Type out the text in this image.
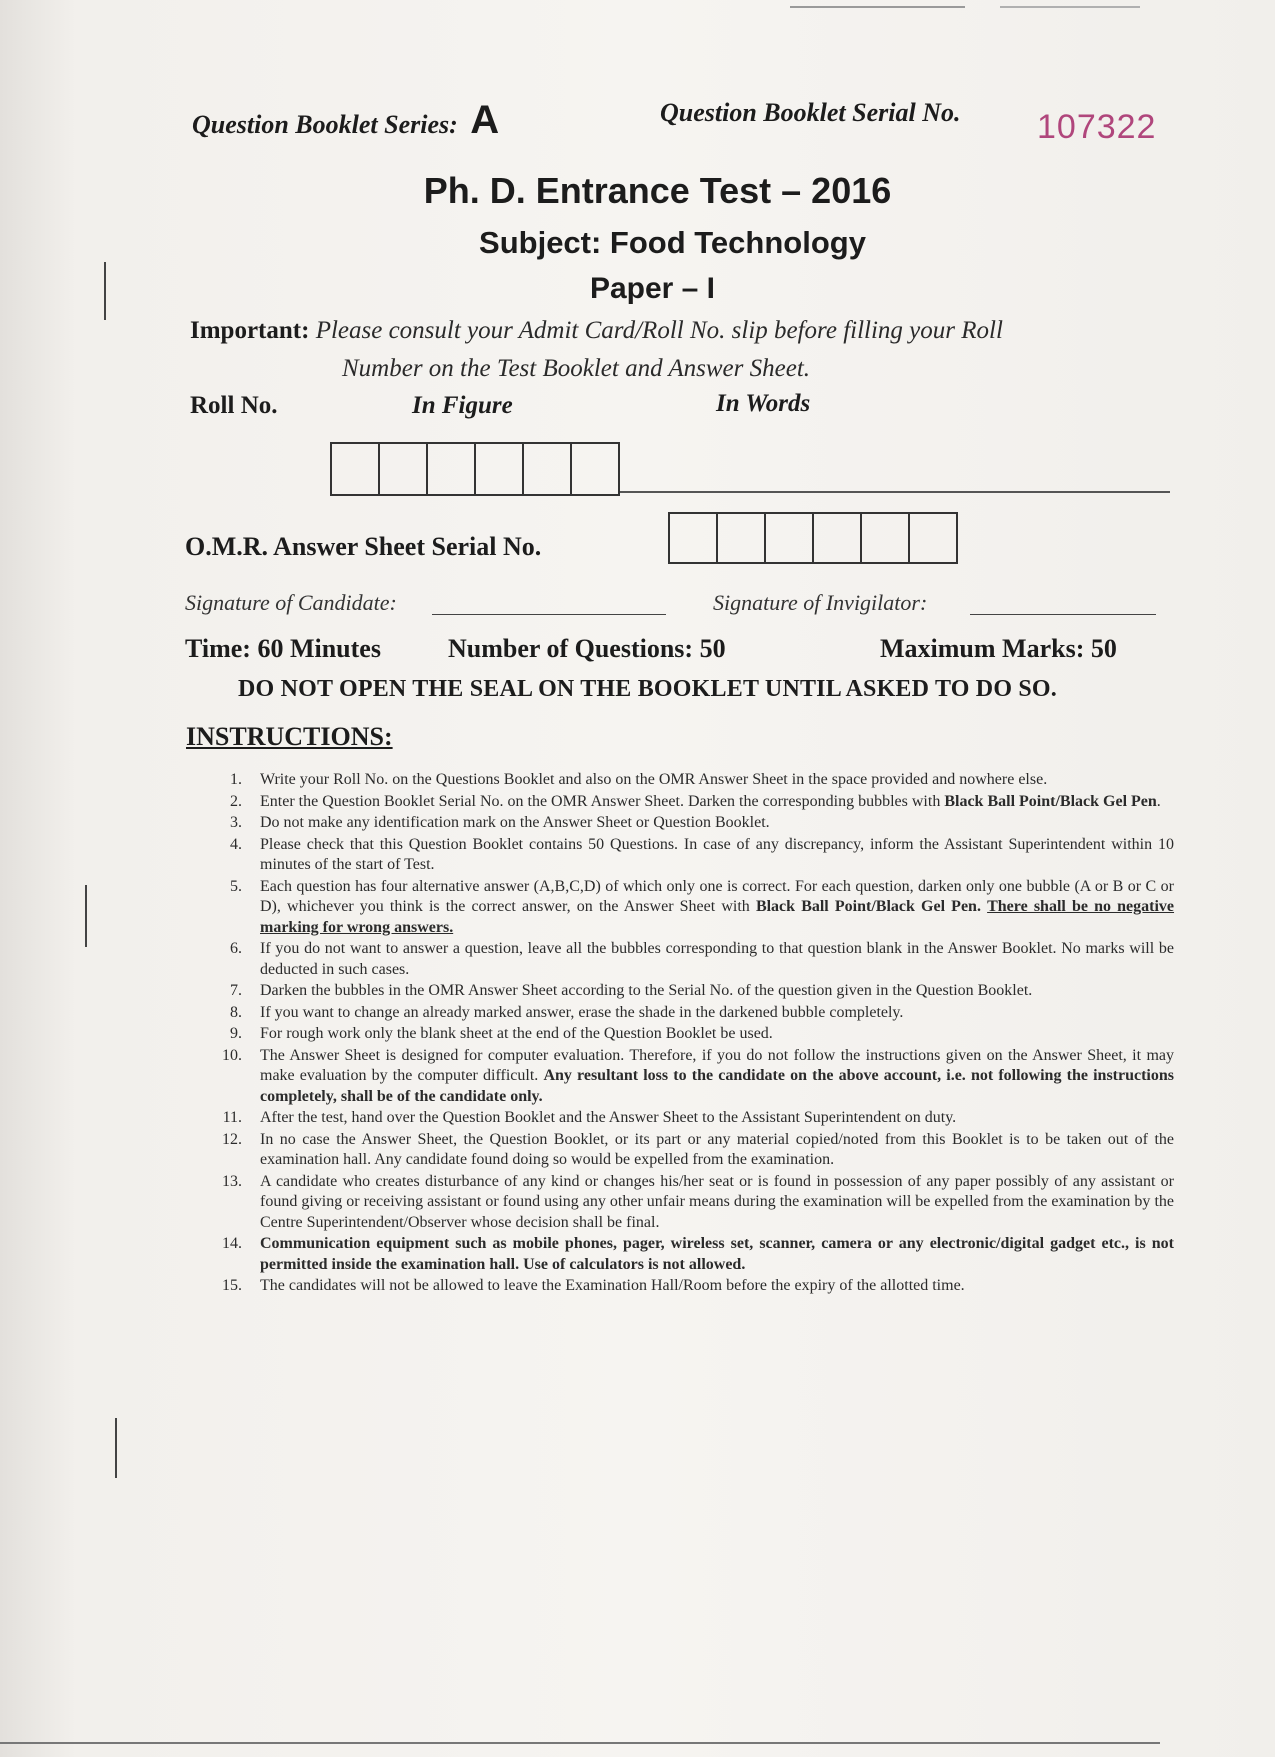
Question Booklet Series: A	Question Booklet Serial No. 107322
Ph. D. Entrance Test – 2016
Subject: Food Technology
Paper – I
Important: Please consult your Admit Card/Roll No. slip before filling your Roll
Number on the Test Booklet and Answer Sheet.
Roll No.	In Figure	In Words
O.M.R. Answer Sheet Serial No.
Signature of Candidate:	Signature of Invigilator:
Time: 60 Minutes	Number of Questions: 50	Maximum Marks: 50
DO NOT OPEN THE SEAL ON THE BOOKLET UNTIL ASKED TO DO SO.
INSTRUCTIONS:
1. Write your Roll No. on the Questions Booklet and also on the OMR Answer Sheet in the space provided and nowhere else.
2. Enter the Question Booklet Serial No. on the OMR Answer Sheet. Darken the corresponding bubbles with Black Ball Point/Black Gel Pen.
3. Do not make any identification mark on the Answer Sheet or Question Booklet.
4. Please check that this Question Booklet contains 50 Questions. In case of any discrepancy, inform the Assistant Superintendent within 10 minutes of the start of Test.
5. Each question has four alternative answer (A,B,C,D) of which only one is correct. For each question, darken only one bubble (A or B or C or D), whichever you think is the correct answer, on the Answer Sheet with Black Ball Point/Black Gel Pen. There shall be no negative marking for wrong answers.
6. If you do not want to answer a question, leave all the bubbles corresponding to that question blank in the Answer Booklet. No marks will be deducted in such cases.
7. Darken the bubbles in the OMR Answer Sheet according to the Serial No. of the question given in the Question Booklet.
8. If you want to change an already marked answer, erase the shade in the darkened bubble completely.
9. For rough work only the blank sheet at the end of the Question Booklet be used.
10. The Answer Sheet is designed for computer evaluation. Therefore, if you do not follow the instructions given on the Answer Sheet, it may make evaluation by the computer difficult. Any resultant loss to the candidate on the above account, i.e. not following the instructions completely, shall be of the candidate only.
11. After the test, hand over the Question Booklet and the Answer Sheet to the Assistant Superintendent on duty.
12. In no case the Answer Sheet, the Question Booklet, or its part or any material copied/noted from this Booklet is to be taken out of the examination hall. Any candidate found doing so would be expelled from the examination.
13. A candidate who creates disturbance of any kind or changes his/her seat or is found in possession of any paper possibly of any assistant or found giving or receiving assistant or found using any other unfair means during the examination will be expelled from the examination by the Centre Superintendent/Observer whose decision shall be final.
14. Communication equipment such as mobile phones, pager, wireless set, scanner, camera or any electronic/digital gadget etc., is not permitted inside the examination hall. Use of calculators is not allowed.
15. The candidates will not be allowed to leave the Examination Hall/Room before the expiry of the allotted time.
